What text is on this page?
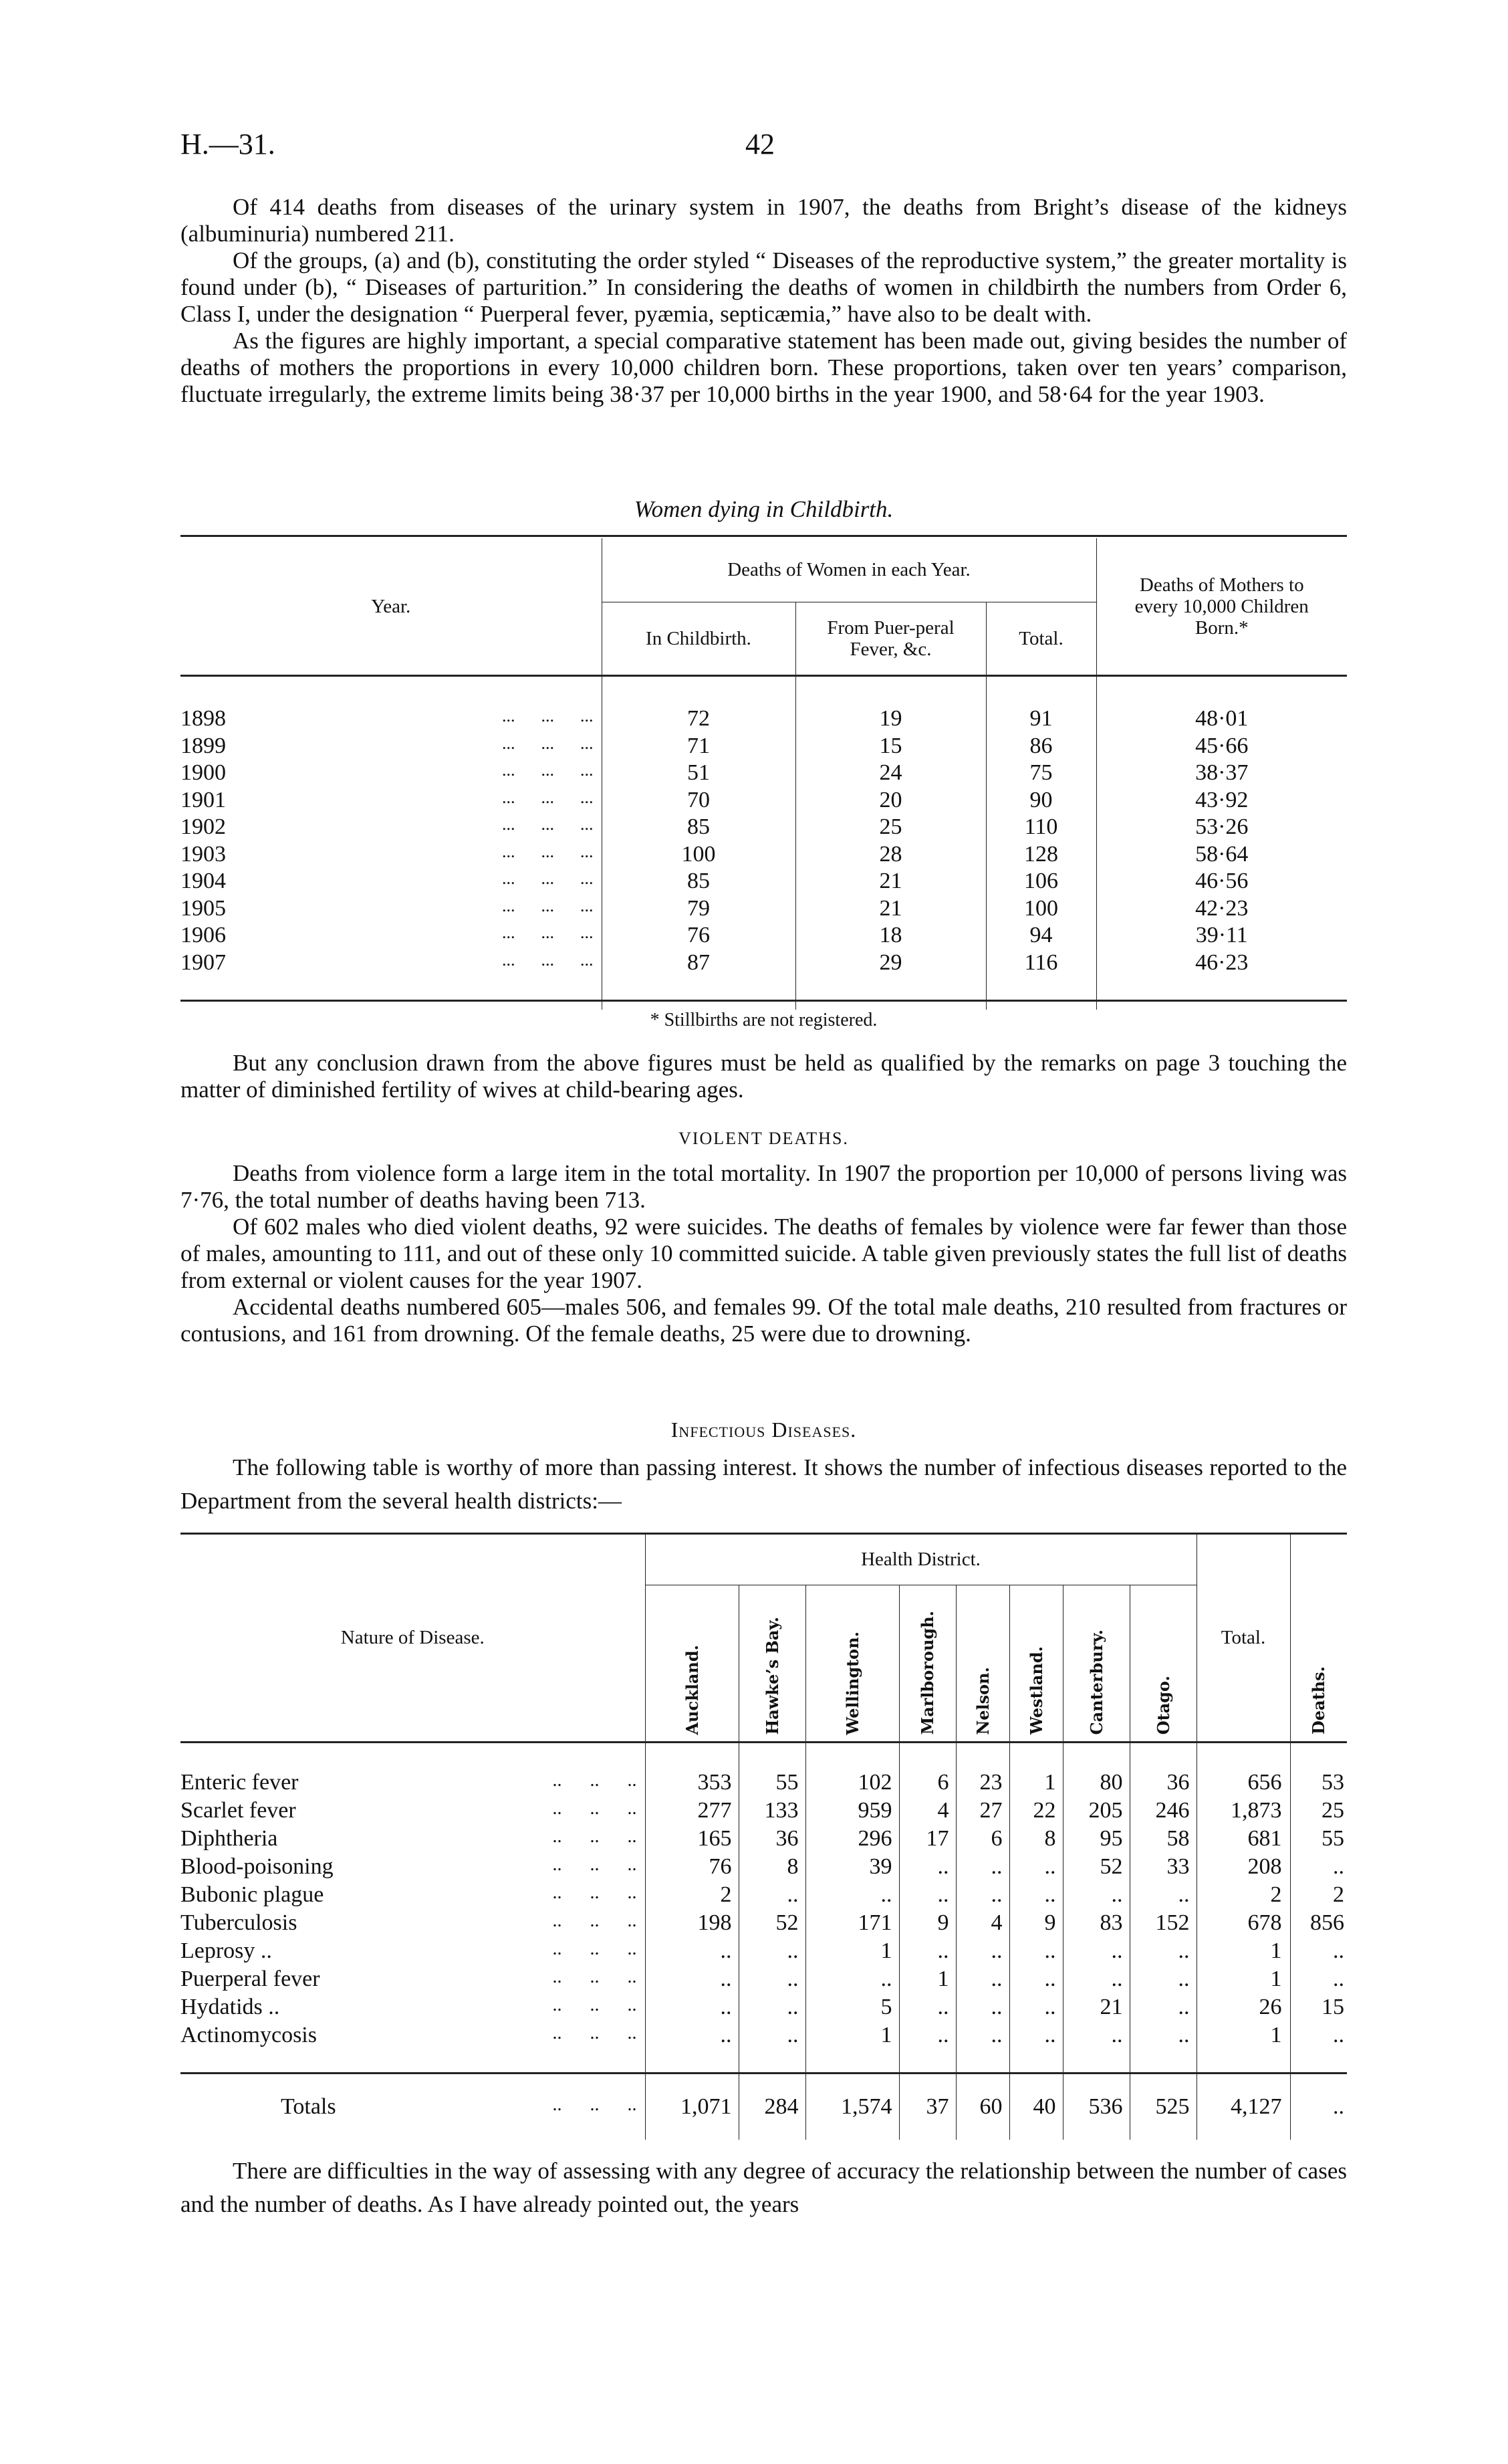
H.—31.	42

Of 414 deaths from diseases of the urinary system in 1907, the deaths from Bright’s disease of the kidneys (albuminuria) numbered 211.

Of the groups, (a) and (b), constituting the order styled “ Diseases of the reproductive system,” the greater mortality is found under (b), “ Diseases of parturition.” In considering the deaths of women in childbirth the numbers from Order 6, Class I, under the designation “ Puerperal fever, pyæmia, septicæmia,” have also to be dealt with.

As the figures are highly important, a special comparative statement has been made out, giving besides the number of deaths of mothers the proportions in every 10,000 children born. These proportions, taken over ten years’ comparison, fluctuate irregularly, the extreme limits being 38·37 per 10,000 births in the year 1900, and 58·64 for the year 1903.

Women dying in Childbirth.
Year.	Deaths of Women in each Year.			Deaths of Mothers to every 10,000 Children Born.*
	In Childbirth.	From Puer-peral Fever, &c.	Total.	

1898 ...      ...      ...	72	19	91	48·01
1899 ...      ...      ...	71	15	86	45·66
1900 ...      ...      ...	51	24	75	38·37
1901 ...      ...      ...	70	20	90	43·92
1902 ...      ...      ...	85	25	110	53·26
1903 ...      ...      ...	100	28	128	58·64
1904 ...      ...      ...	85	21	106	46·56
1905 ...      ...      ...	79	21	100	42·23
1906 ...      ...      ...	76	18	94	39·11
1907 ...      ...      ...	87	29	116	46·23

* Stillbirths are not registered.

But any conclusion drawn from the above figures must be held as qualified by the remarks on page 3 touching the matter of diminished fertility of wives at child-bearing ages.

VIOLENT DEATHS.

Deaths from violence form a large item in the total mortality. In 1907 the proportion per 10,000 of persons living was 7·76, the total number of deaths having been 713.

Of 602 males who died violent deaths, 92 were suicides. The deaths of females by violence were far fewer than those of males, amounting to 111, and out of these only 10 committed suicide. A table given previously states the full list of deaths from external or violent causes for the year 1907.

Accidental deaths numbered 605—males 506, and females 99. Of the total male deaths, 210 resulted from fractures or contusions, and 161 from drowning. Of the female deaths, 25 were due to drowning.

Infectious Diseases.

The following table is worthy of more than passing interest. It shows the number of infectious diseases reported to the Department from the several health districts:—

Nature of Disease.	Health District.								Total.	Deaths.
	Auckland.	Hawke’s Bay.	Wellington.	Marlborough.	Nelson.	Westland.	Canterbury.	Otago.		

Enteric fever ..      ..      ..	353	55	102	6	23	1	80	36	656	53
Scarlet fever ..      ..      ..	277	133	959	4	27	22	205	246	1,873	25
Diphtheria ..      ..      ..	165	36	296	17	6	8	95	58	681	55
Blood-poisoning ..      ..      ..	76	8	39	..	..	..	52	33	208	..
Bubonic plague ..      ..      ..	2	..	..	..	..	..	..	..	2	2
Tuberculosis ..      ..      ..	198	52	171	9	4	9	83	152	678	856
Leprosy .. ..      ..      ..	..	..	1	..	..	..	..	..	1	..
Puerperal fever ..      ..      ..	..	..	..	1	..	..	..	..	1	..
Hydatids .. ..      ..      ..	..	..	5	..	..	..	21	..	26	15
Actinomycosis ..      ..      ..	..	..	1	..	..	..	..	..	1	..

Totals ..      ..      ..	1,071	284	1,574	37	60	40	536	525	4,127	..

There are difficulties in the way of assessing with any degree of accuracy the relationship between the number of cases and the number of deaths. As I have already pointed out, the years
